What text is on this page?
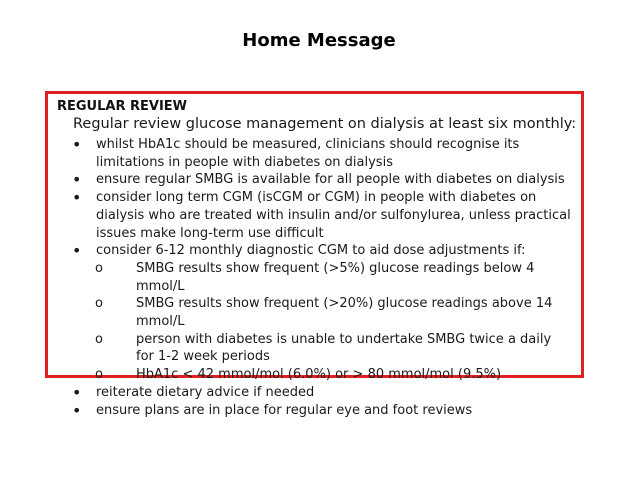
Home Message
REGULAR REVIEW
Regular review glucose management on dialysis at least six monthly:
• whilst HbA1c should be measured, clinicians should recognise its limitations in people with diabetes on dialysis
• ensure regular SMBG is available for all people with diabetes on dialysis
• consider long term CGM (isCGM or CGM) in people with diabetes on dialysis who are treated with insulin and/or sulfonylurea, unless practical issues make long-term use difficult
• consider 6-12 monthly diagnostic CGM to aid dose adjustments if:
o	SMBG results show frequent (>5%) glucose readings below 4 mmol/L
o	SMBG results show frequent (>20%) glucose readings above 14 mmol/L
o	person with diabetes is unable to undertake SMBG twice a daily for 1-2 week periods
o	HbA1c < 42 mmol/mol (6.0%) or > 80 mmol/mol (9.5%)
• reiterate dietary advice if needed
• ensure plans are in place for regular eye and foot reviews
